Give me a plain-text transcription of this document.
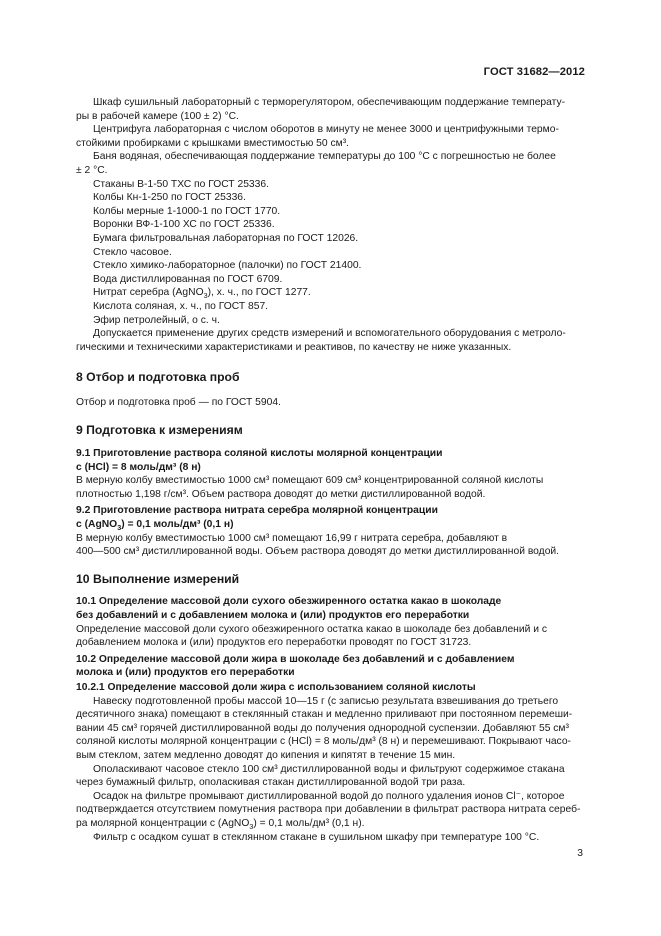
ГОСТ 31682—2012
Шкаф сушильный лабораторный с терморегулятором, обеспечивающим поддержание температу-
ры в рабочей камере (100 ± 2) °С.
Центрифуга лабораторная с числом оборотов в минуту не менее 3000 и центрифужными термо-
стойкими пробирками с крышками вместимостью 50 см³.
Баня водяная, обеспечивающая поддержание температуры до 100 °С с погрешностью не более
± 2 °С.
Стаканы В-1-50 ТХС по ГОСТ 25336.
Колбы Кн-1-250 по ГОСТ 25336.
Колбы мерные 1-1000-1 по ГОСТ 1770.
Воронки ВФ-1-100 ХС по ГОСТ 25336.
Бумага фильтровальная лабораторная по ГОСТ 12026.
Стекло часовое.
Стекло химико-лабораторное (палочки) по ГОСТ 21400.
Вода дистиллированная по ГОСТ 6709.
Нитрат серебра (AgNO$_3$), х. ч., по ГОСТ 1277.
Кислота соляная, х. ч., по ГОСТ 857.
Эфир петролейный, о с. ч.
Допускается применение других средств измерений и вспомогательного оборудования с метроло-
гическими и техническими характеристиками и реактивов, по качеству не ниже указанных.
8 Отбор и подготовка проб
Отбор и подготовка проб — по ГОСТ 5904.
9 Подготовка к измерениям
9.1 Приготовление раствора соляной кислоты молярной концентрации
с (HCl) = 8 моль/дм³ (8 н)
В мерную колбу вместимостью 1000 см³ помещают 609 см³ концентрированной соляной кислоты
плотностью 1,198 г/см³. Объем раствора доводят до метки дистиллированной водой.
9.2 Приготовление раствора нитрата серебра молярной концентрации
с (AgNO$_3$) = 0,1 моль/дм³ (0,1 н)
В мерную колбу вместимостью 1000 см³ помещают 16,99 г нитрата серебра, добавляют в
400—500 см³ дистиллированной воды. Объем раствора доводят до метки дистиллированной водой.
10 Выполнение измерений
10.1 Определение массовой доли сухого обезжиренного остатка какао в шоколаде
без добавлений и с добавлением молока и (или) продуктов его переработки
Определение массовой доли сухого обезжиренного остатка какао в шоколаде без добавлений и с
добавлением молока и (или) продуктов его переработки проводят по ГОСТ 31723.
10.2 Определение массовой доли жира в шоколаде без добавлений и с добавлением
молока и (или) продуктов его переработки
10.2.1 Определение массовой доли жира с использованием соляной кислоты
Навеску подготовленной пробы массой 10—15 г (с записью результата взвешивания до третьего
десятичного знака) помещают в стеклянный стакан и медленно приливают при постоянном перемеши-
вании 45 см³ горячей дистиллированной воды до получения однородной суспензии. Добавляют 55 см³
соляной кислоты молярной концентрации с (HCl) = 8 моль/дм³ (8 н) и перемешивают. Покрывают часо-
вым стеклом, затем медленно доводят до кипения и кипятят в течение 15 мин.
Ополаскивают часовое стекло 100 см³ дистиллированной воды и фильтруют содержимое стакана
через бумажный фильтр, ополаскивая стакан дистиллированной водой три раза.
Осадок на фильтре промывают дистиллированной водой до полного удаления ионов Cl⁻, которое
подтверждается отсутствием помутнения раствора при добавлении в фильтрат раствора нитрата сереб-
ра молярной концентрации с (AgNO$_3$) = 0,1 моль/дм³ (0,1 н).
Фильтр с осадком сушат в стеклянном стакане в сушильном шкафу при температуре 100 °С.
3
